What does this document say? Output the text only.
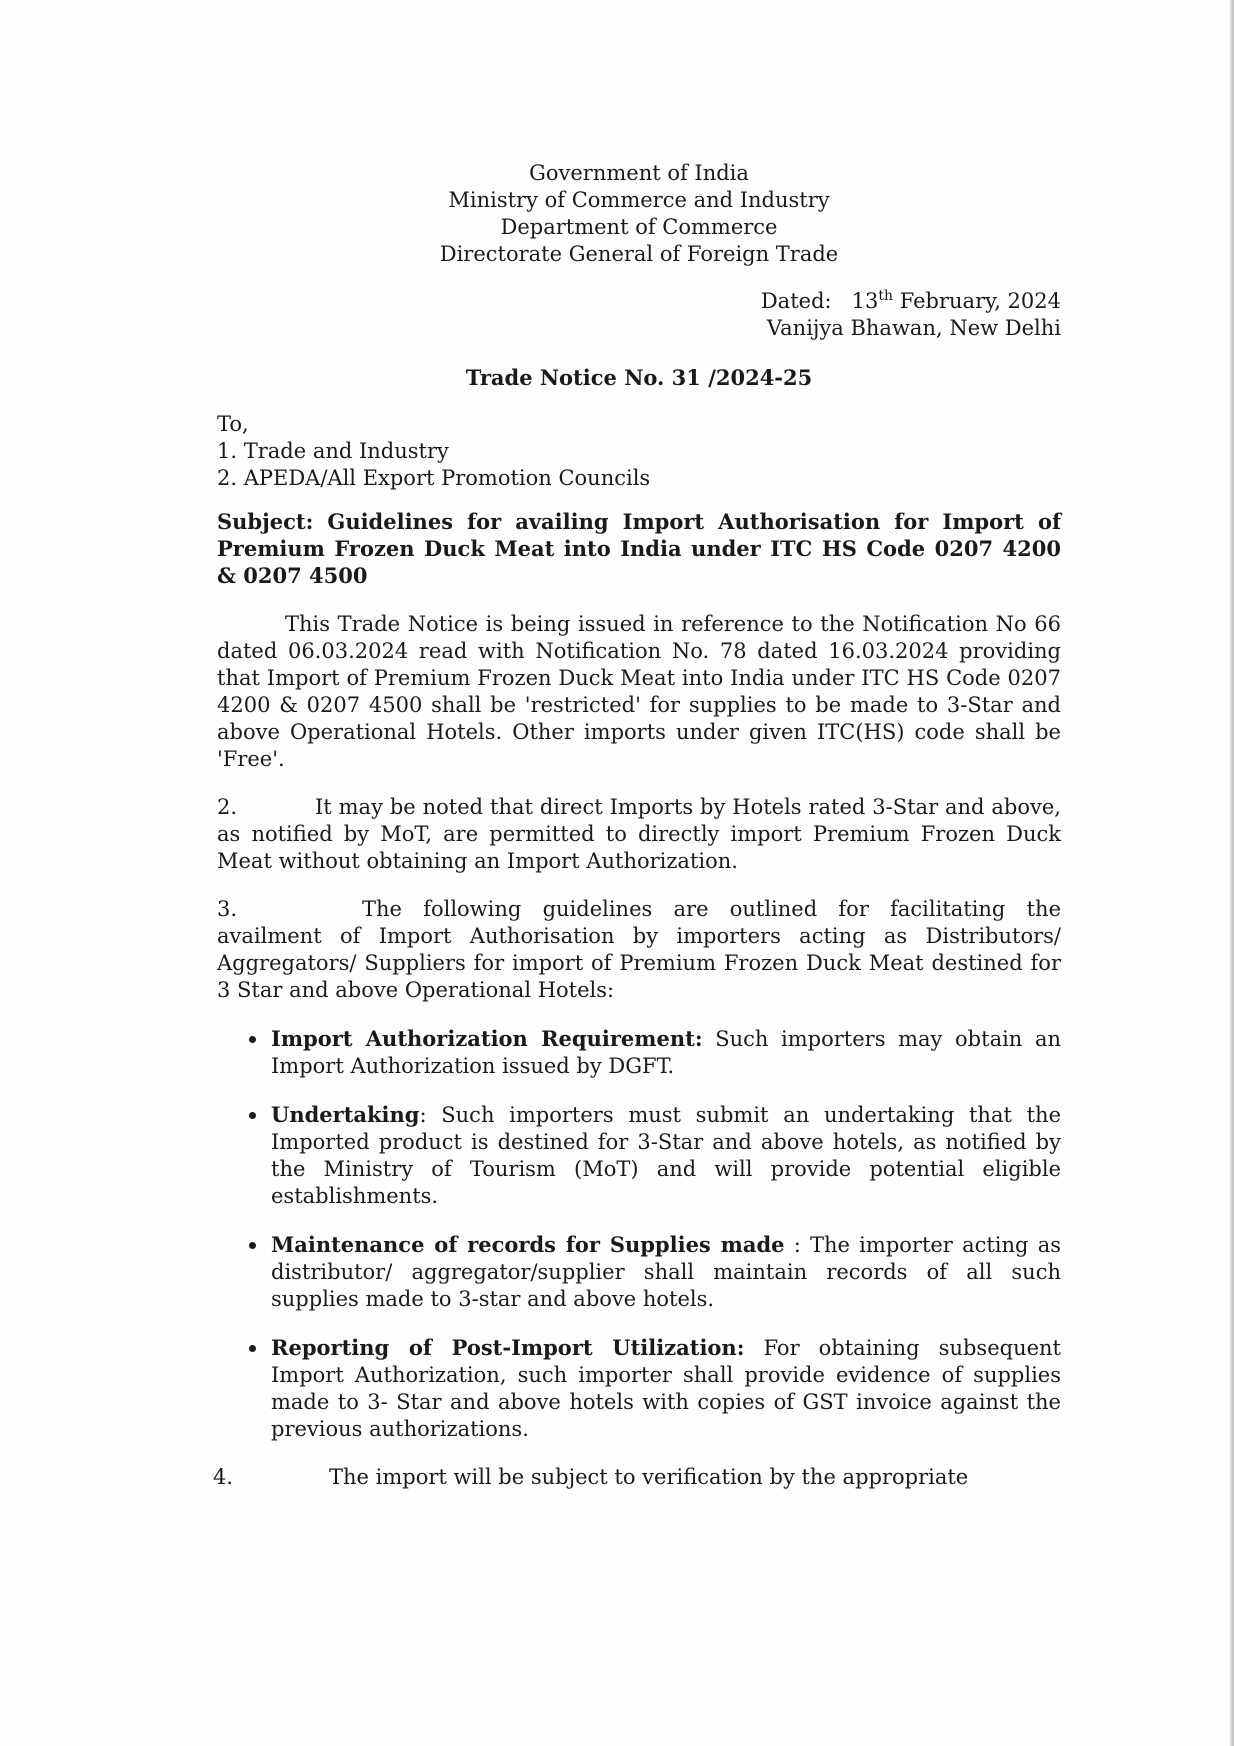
Government of India
Ministry of Commerce and Industry
Department of Commerce
Directorate General of Foreign Trade
Dated: 13th February, 2024
Vanijya Bhawan, New Delhi
Trade Notice No. 31 /2024-25
To,
1. Trade and Industry
2. APEDA/All Export Promotion Councils
Subject: Guidelines for availing Import Authorisation for Import of Premium Frozen Duck Meat into India under ITC HS Code 0207 4200 & 0207 4500

This Trade Notice is being issued in reference to the Notification No 66 dated 06.03.2024 read with Notification No. 78 dated 16.03.2024 providing that Import of Premium Frozen Duck Meat into India under ITC HS Code 0207 4200 & 0207 4500 shall be 'restricted' for supplies to be made to 3-Star and above Operational Hotels. Other imports under given ITC(HS) code shall be 'Free'.

2.	It may be noted that direct Imports by Hotels rated 3-Star and above, as notified by MoT, are permitted to directly import Premium Frozen Duck Meat without obtaining an Import Authorization.

3.	The following guidelines are outlined for facilitating the availment of Import Authorisation by importers acting as Distributors/ Aggregators/ Suppliers for import of Premium Frozen Duck Meat destined for 3 Star and above Operational Hotels:

Import Authorization Requirement: Such importers may obtain an Import Authorization issued by DGFT.
Undertaking: Such importers must submit an undertaking that the Imported product is destined for 3-Star and above hotels, as notified by the Ministry of Tourism (MoT) and will provide potential eligible establishments.
Maintenance of records for Supplies made : The importer acting as distributor/ aggregator/supplier shall maintain records of all such supplies made to 3-star and above hotels.
Reporting of Post-Import Utilization: For obtaining subsequent Import Authorization, such importer shall provide evidence of supplies made to 3- Star and above hotels with copies of GST invoice against the previous authorizations.

4.	The import will be subject to verification by the appropriate
